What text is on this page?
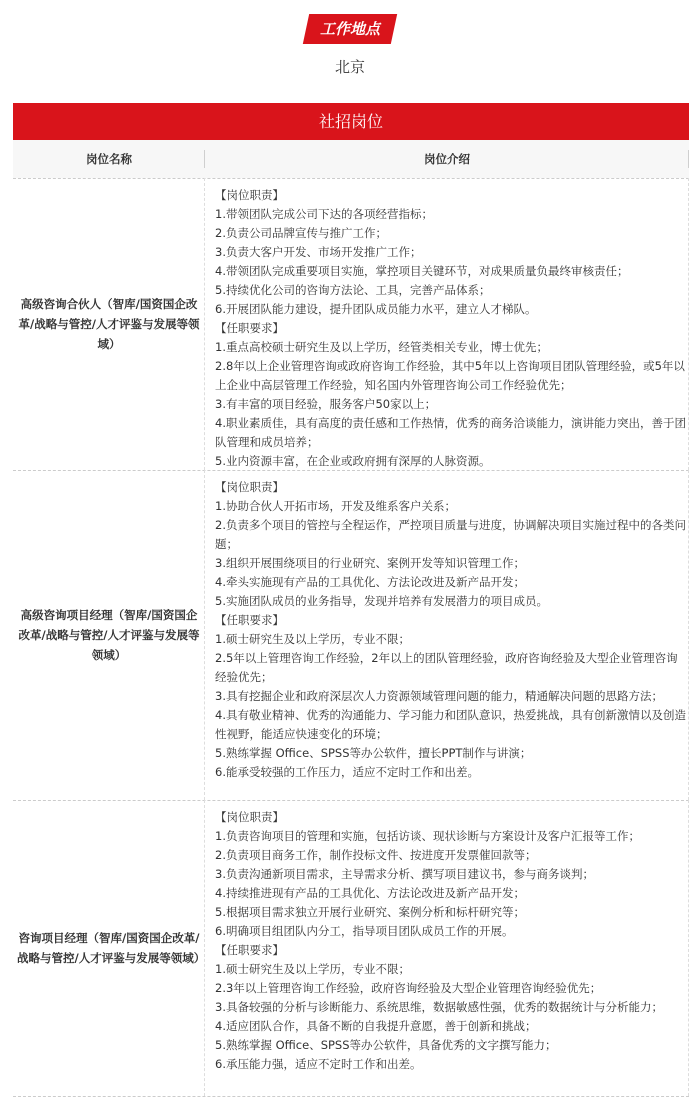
工作地点
北京
社招岗位
岗位名称	岗位介绍
高级咨询合伙人（智库/国资国企改革/战略与管控/人才评鉴与发展等领域）

【岗位职责】

1.带领团队完成公司下达的各项经营指标；

2.负责公司品牌宣传与推广工作；

3.负责大客户开发、市场开发推广工作；

4.带领团队完成重要项目实施，掌控项目关键环节，对成果质量负最终审核责任；

5.持续优化公司的咨询方法论、工具，完善产品体系；

6.开展团队能力建设，提升团队成员能力水平，建立人才梯队。

【任职要求】

1.重点高校硕士研究生及以上学历，经管类相关专业，博士优先；

2.8年以上企业管理咨询或政府咨询工作经验，其中5年以上咨询项目团队管理经验，或5年以上企业中高层管理工作经验，知名国内外管理咨询公司工作经验优先；

3.有丰富的项目经验，服务客户50家以上；

4.职业素质佳，具有高度的责任感和工作热情，优秀的商务洽谈能力，演讲能力突出，善于团队管理和成员培养；

5.业内资源丰富，在企业或政府拥有深厚的人脉资源。

高级咨询项目经理（智库/国资国企改革/战略与管控/人才评鉴与发展等领域）

【岗位职责】

1.协助合伙人开拓市场，开发及维系客户关系；

2.负责多个项目的管控与全程运作，严控项目质量与进度，协调解决项目实施过程中的各类问题；

3.组织开展围绕项目的行业研究、案例开发等知识管理工作；

4.牵头实施现有产品的工具优化、方法论改进及新产品开发；

5.实施团队成员的业务指导，发现并培养有发展潜力的项目成员。

【任职要求】

1.硕士研究生及以上学历，专业不限；

2.5年以上管理咨询工作经验，2年以上的团队管理经验，政府咨询经验及大型企业管理咨询经验优先；

3.具有挖掘企业和政府深层次人力资源领域管理问题的能力，精通解决问题的思路方法；

4.具有敬业精神、优秀的沟通能力、学习能力和团队意识，热爱挑战，具有创新激情以及创造性视野，能适应快速变化的环境；

5.熟练掌握 Office、SPSS等办公软件，擅长PPT制作与讲演；

6.能承受较强的工作压力，适应不定时工作和出差。

咨询项目经理（智库/国资国企改革/战略与管控/人才评鉴与发展等领域）

【岗位职责】

1.负责咨询项目的管理和实施，包括访谈、现状诊断与方案设计及客户汇报等工作；

2.负责项目商务工作，制作投标文件、按进度开发票催回款等；

3.负责沟通新项目需求，主导需求分析、撰写项目建议书，参与商务谈判；

4.持续推进现有产品的工具优化、方法论改进及新产品开发；

5.根据项目需求独立开展行业研究、案例分析和标杆研究等；

6.明确项目组团队内分工，指导项目团队成员工作的开展。

【任职要求】

1.硕士研究生及以上学历，专业不限；

2.3年以上管理咨询工作经验，政府咨询经验及大型企业管理咨询经验优先；

3.具备较强的分析与诊断能力、系统思维，数据敏感性强，优秀的数据统计与分析能力；

4.适应团队合作，具备不断的自我提升意愿，善于创新和挑战；

5.熟练掌握 Office、SPSS等办公软件，具备优秀的文字撰写能力；

6.承压能力强，适应不定时工作和出差。
